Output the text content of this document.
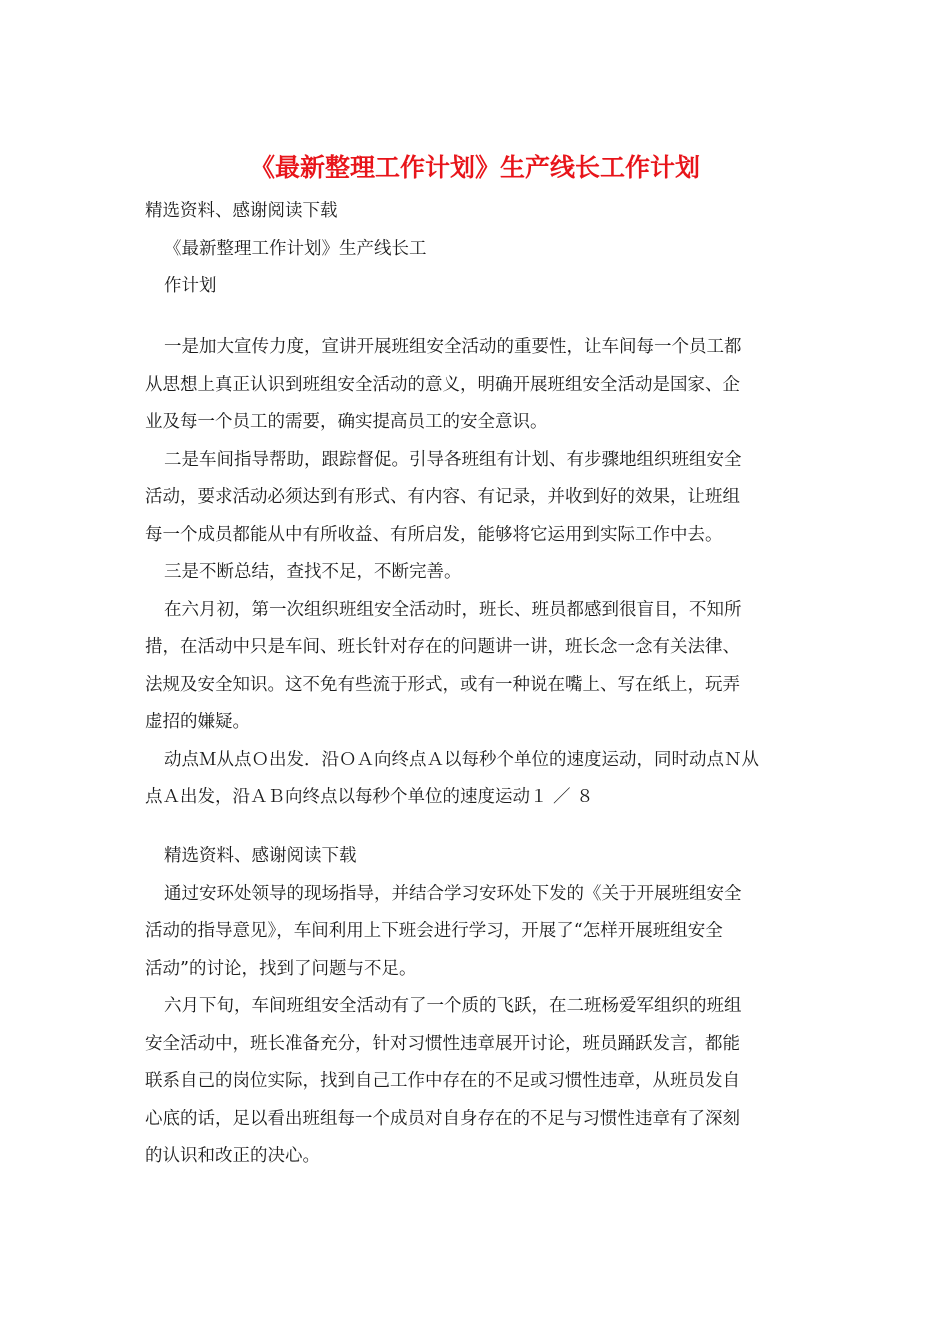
《最新整理工作计划》生产线长工作计划
精选资料、感谢阅读下载
《最新整理工作计划》生产线长工
作计划
一是加大宣传力度，宣讲开展班组安全活动的重要性，让车间每一个员工都
从思想上真正认识到班组安全活动的意义，明确开展班组安全活动是国家、企
业及每一个员工的需要，确实提高员工的安全意识。
二是车间指导帮助，跟踪督促。引导各班组有计划、有步骤地组织班组安全
活动，要求活动必须达到有形式、有内容、有记录，并收到好的效果，让班组
每一个成员都能从中有所收益、有所启发，能够将它运用到实际工作中去。
三是不断总结，查找不足，不断完善。
在六月初，第一次组织班组安全活动时，班长、班员都感到很盲目，不知所
措，在活动中只是车间、班长针对存在的问题讲一讲，班长念一念有关法律、
法规及安全知识。这不免有些流于形式，或有一种说在嘴上、写在纸上，玩弄
虚招的嫌疑。
动点Ｍ从点Ｏ出发．沿ＯＡ向终点Ａ以每秒个单位的速度运动，同时动点Ｎ从
点Ａ出发，沿ＡＢ向终点以每秒个单位的速度运动１ ／ ８
精选资料、感谢阅读下载
通过安环处领导的现场指导，并结合学习安环处下发的《关于开展班组安全
活动的指导意见》，车间利用上下班会进行学习，开展了“怎样开展班组安全
活动”的讨论，找到了问题与不足。
六月下旬，车间班组安全活动有了一个质的飞跃，在二班杨爱军组织的班组
安全活动中，班长准备充分，针对习惯性违章展开讨论，班员踊跃发言，都能
联系自己的岗位实际，找到自己工作中存在的不足或习惯性违章，从班员发自
心底的话，足以看出班组每一个成员对自身存在的不足与习惯性违章有了深刻
的认识和改正的决心。
